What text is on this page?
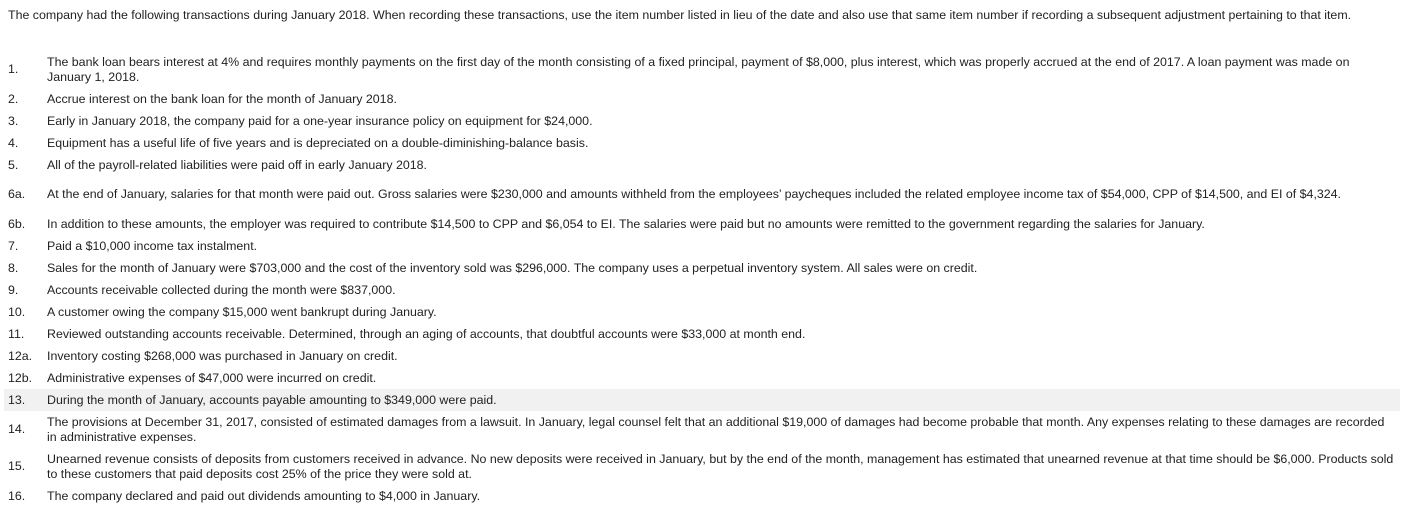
The company had the following transactions during January 2018. When recording these transactions, use the item number listed in lieu of the date and also use that same item number if recording a subsequent adjustment pertaining to that item.
1.	The bank loan bears interest at 4% and requires monthly payments on the first day of the month consisting of a fixed principal, payment of $8,000, plus interest, which was properly accrued at the end of 2017. A loan payment was made on January 1, 2018.
2.	Accrue interest on the bank loan for the month of January 2018.
3.	Early in January 2018, the company paid for a one-year insurance policy on equipment for $24,000.
4.	Equipment has a useful life of five years and is depreciated on a double-diminishing-balance basis.
5.	All of the payroll-related liabilities were paid off in early January 2018.
6a.	At the end of January, salaries for that month were paid out. Gross salaries were $230,000 and amounts withheld from the employees’ paycheques included the related employee income tax of $54,000, CPP of $14,500, and EI of $4,324.
6b.	In addition to these amounts, the employer was required to contribute $14,500 to CPP and $6,054 to EI. The salaries were paid but no amounts were remitted to the government regarding the salaries for January.
7.	Paid a $10,000 income tax instalment.
8.	Sales for the month of January were $703,000 and the cost of the inventory sold was $296,000. The company uses a perpetual inventory system. All sales were on credit.
9.	Accounts receivable collected during the month were $837,000.
10.	A customer owing the company $15,000 went bankrupt during January.
11.	Reviewed outstanding accounts receivable. Determined, through an aging of accounts, that doubtful accounts were $33,000 at month end.
12a.	Inventory costing $268,000 was purchased in January on credit.
12b.	Administrative expenses of $47,000 were incurred on credit.
13.	During the month of January, accounts payable amounting to $349,000 were paid.
14.	The provisions at December 31, 2017, consisted of estimated damages from a lawsuit. In January, legal counsel felt that an additional $19,000 of damages had become probable that month. Any expenses relating to these damages are recorded in administrative expenses.
15.	Unearned revenue consists of deposits from customers received in advance. No new deposits were received in January, but by the end of the month, management has estimated that unearned revenue at that time should be $6,000. Products sold to these customers that paid deposits cost 25% of the price they were sold at.
16.	The company declared and paid out dividends amounting to $4,000 in January.
